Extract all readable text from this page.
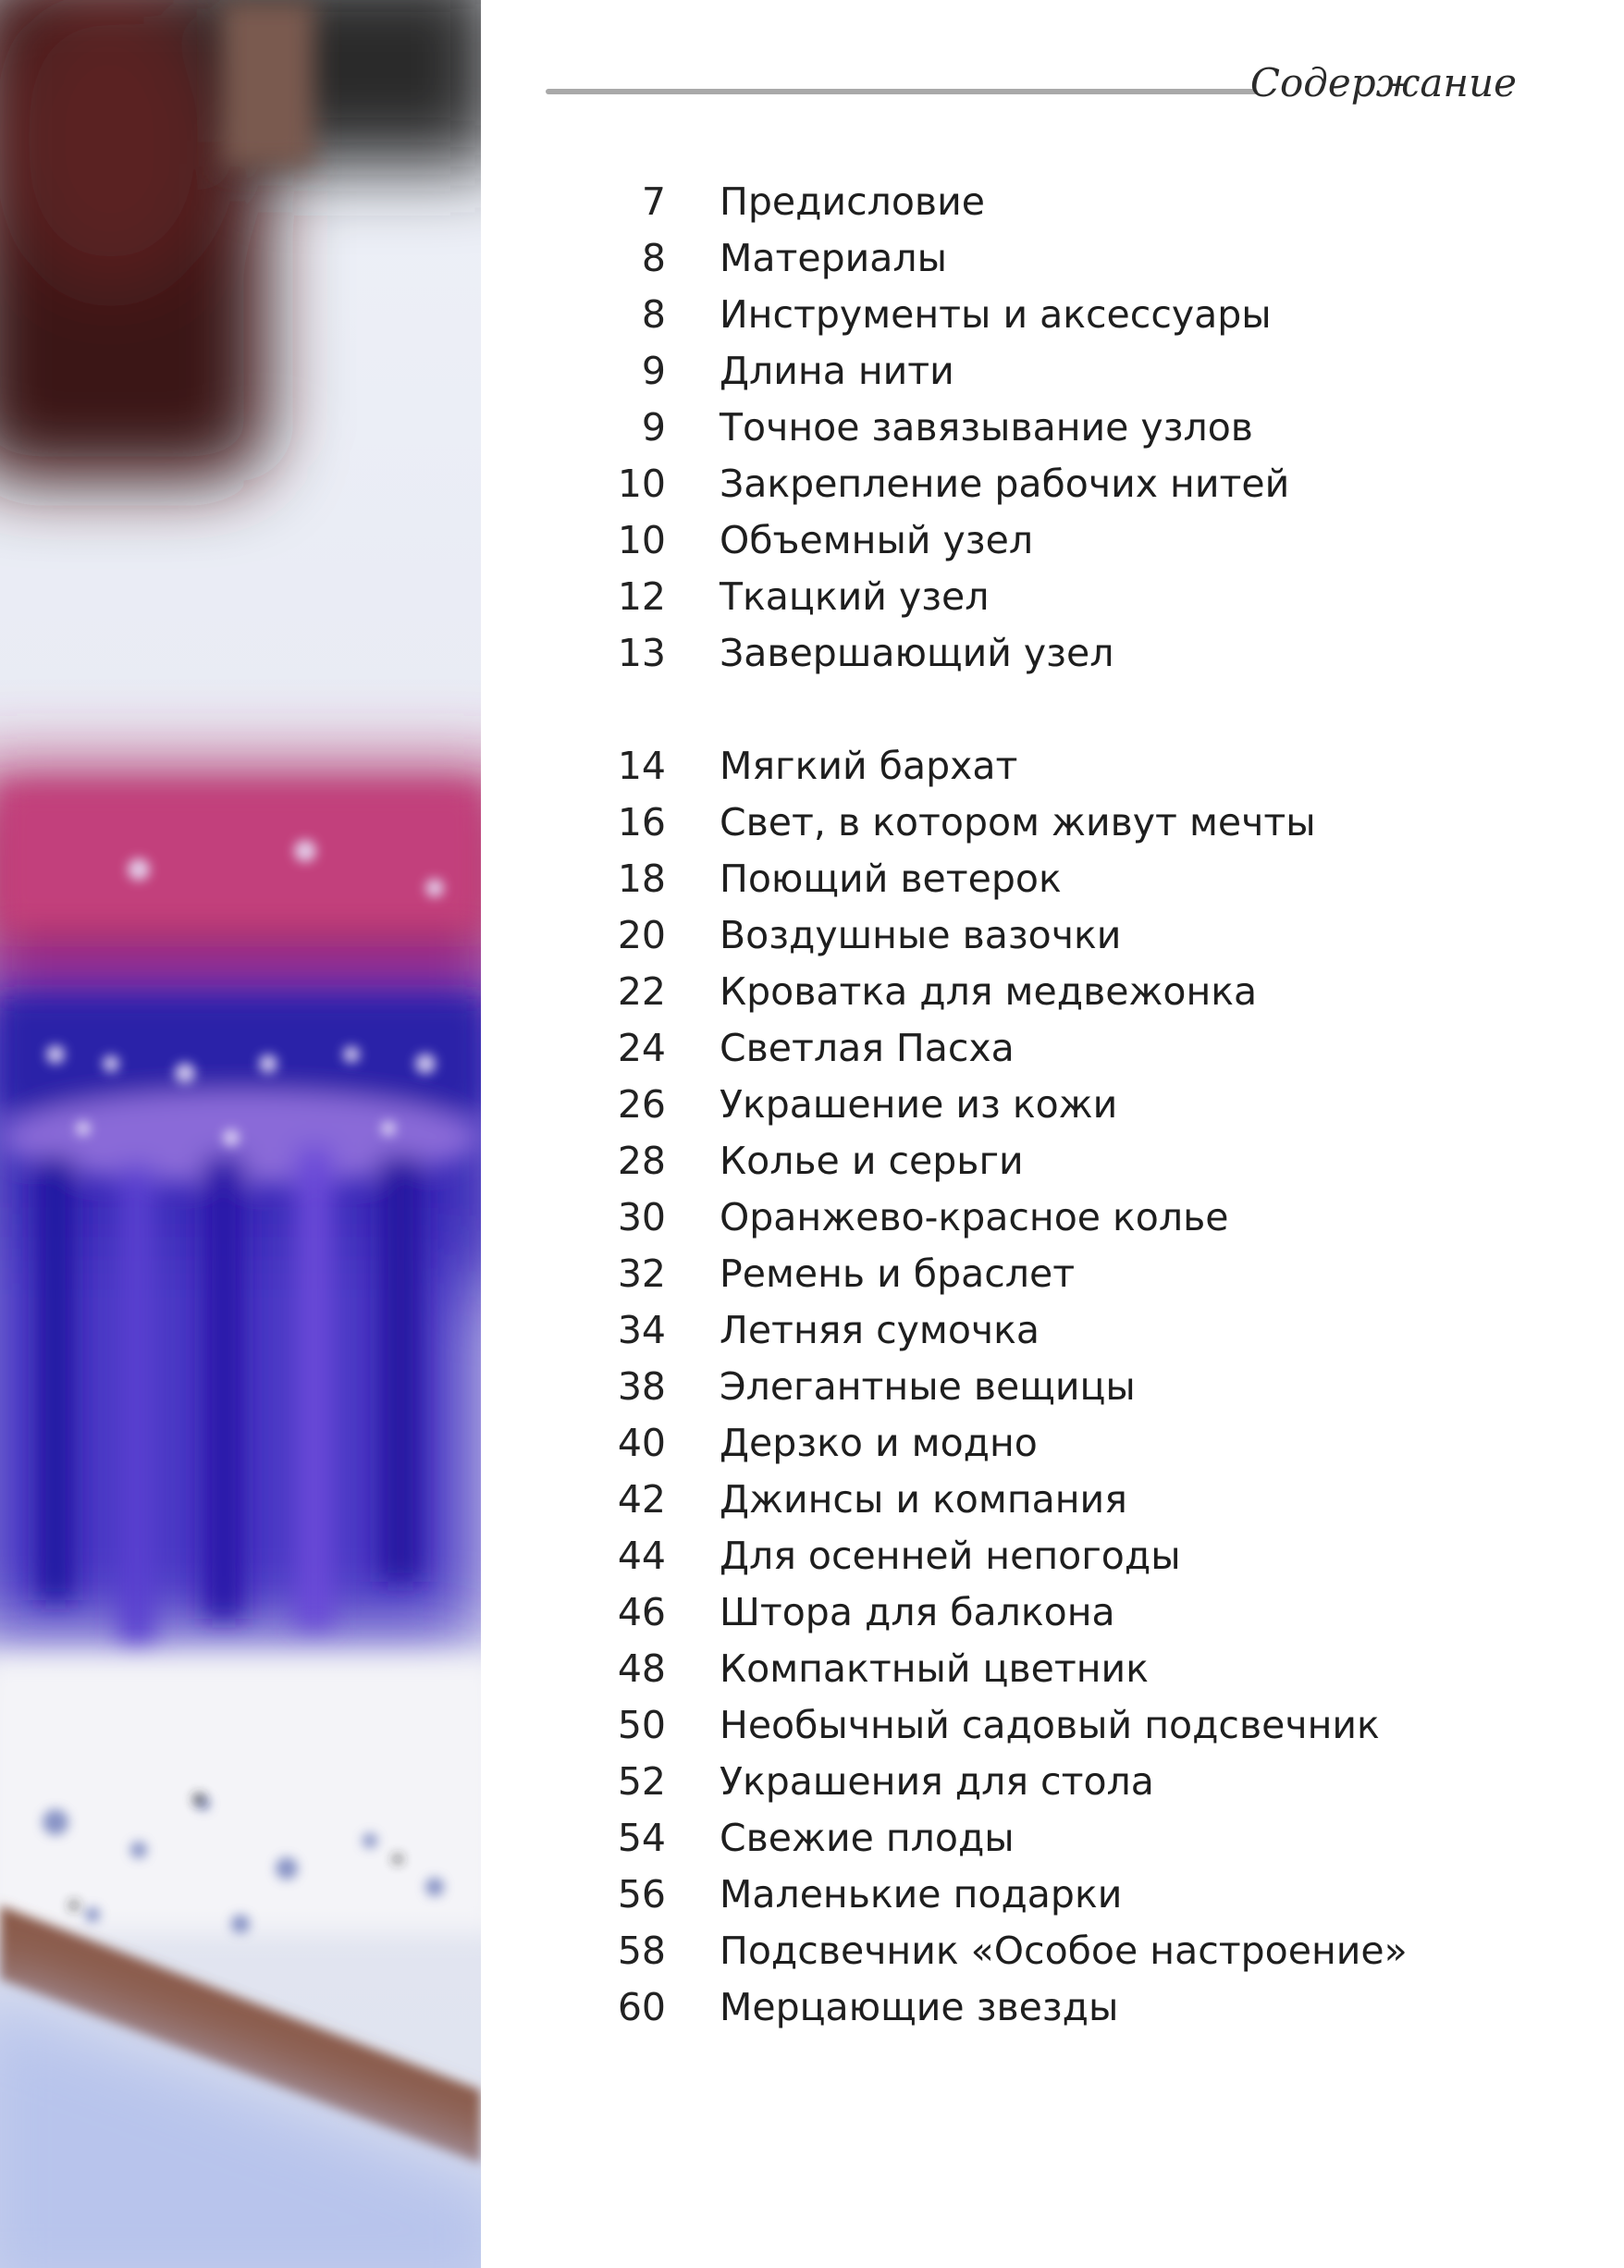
Содержание
7 Предисловие
8 Материалы
8 Инструменты и аксессуары
9 Длина нити
9 Точное завязывание узлов
10 Закрепление рабочих нитей
10 Объемный узел
12 Ткацкий узел
13 Завершающий узел
14 Мягкий бархат
16 Свет, в котором живут мечты
18 Поющий ветерок
20 Воздушные вазочки
22 Кроватка для медвежонка
24 Светлая Пасха
26 Украшение из кожи
28 Колье и серьги
30 Оранжево-красное колье
32 Ремень и браслет
34 Летняя сумочка
38 Элегантные вещицы
40 Дерзко и модно
42 Джинсы и компания
44 Для осенней непогоды
46 Штора для балкона
48 Компактный цветник
50 Необычный садовый подсвечник
52 Украшения для стола
54 Свежие плоды
56 Маленькие подарки
58 Подсвечник «Особое настроение»
60 Мерцающие звезды
